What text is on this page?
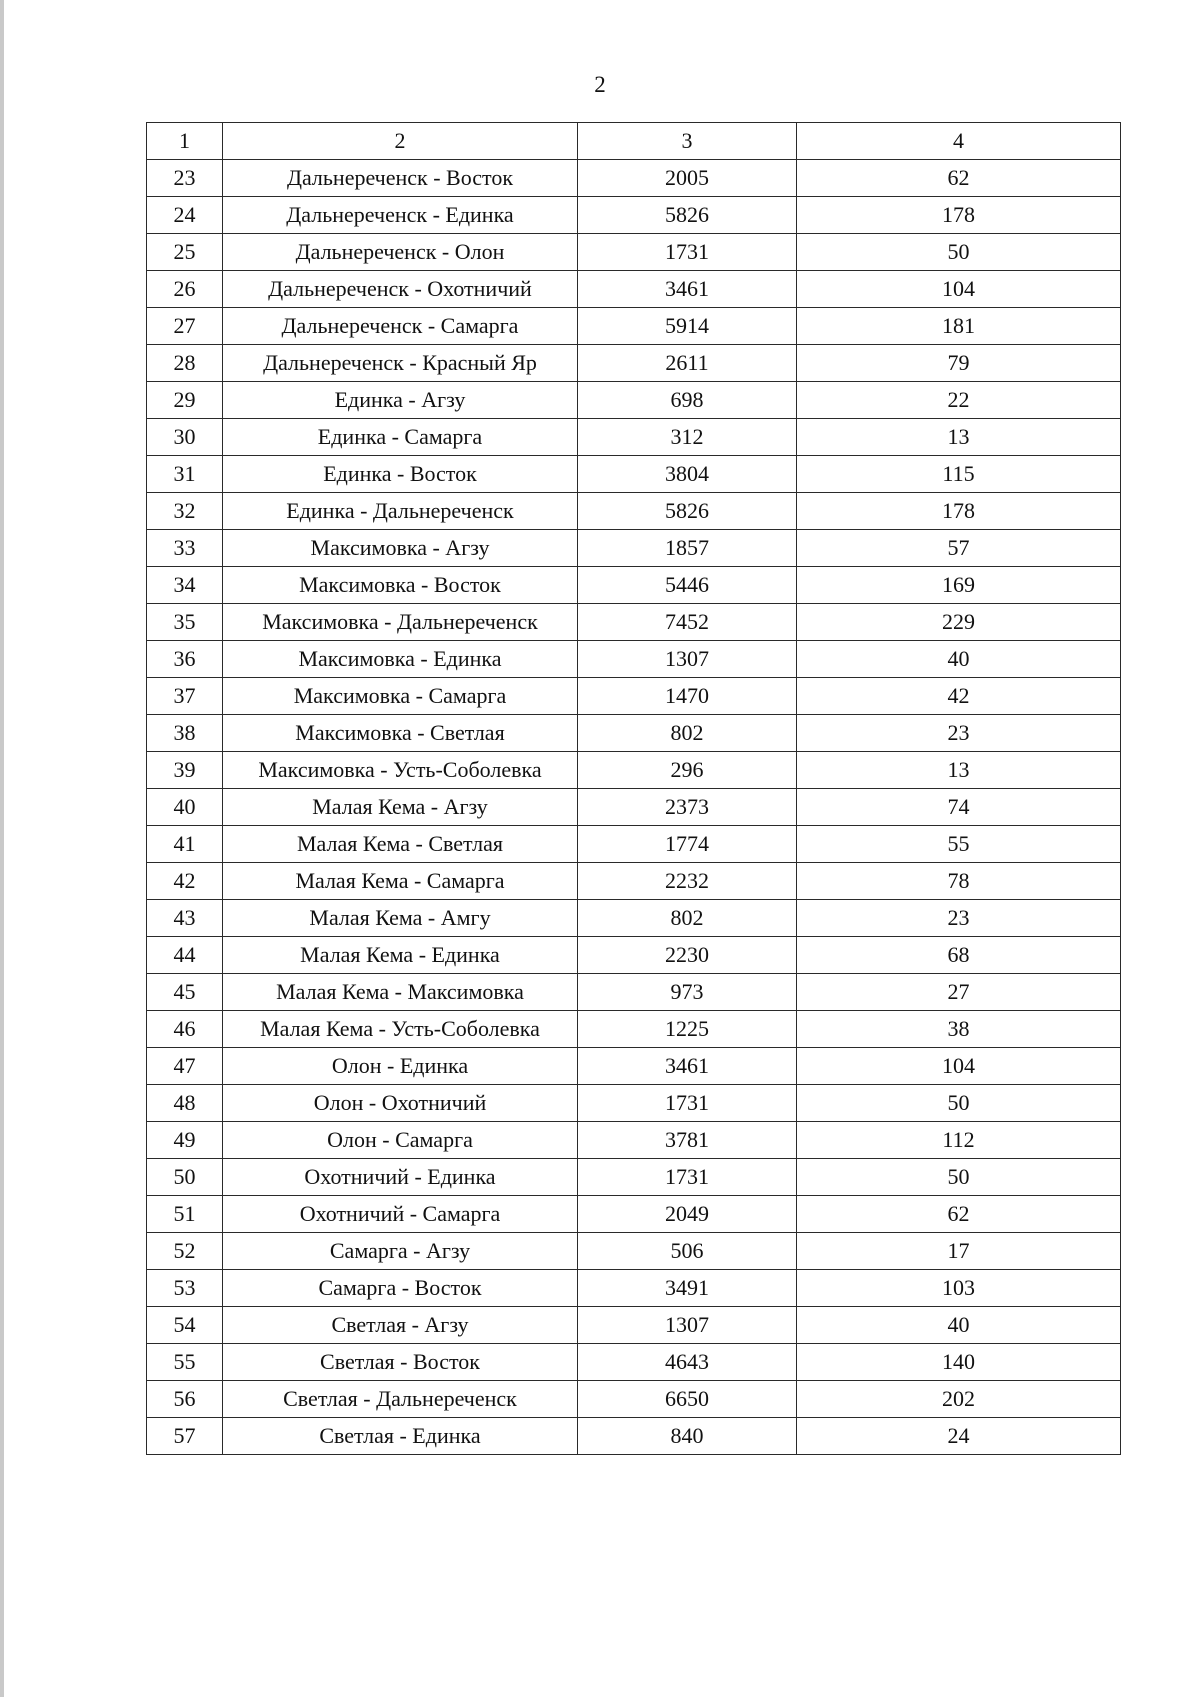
2
1	2	3	4
23	Дальнереченск - Восток	2005	62
24	Дальнереченск - Единка	5826	178
25	Дальнереченск - Олон	1731	50
26	Дальнереченск - Охотничий	3461	104
27	Дальнереченск - Самарга	5914	181
28	Дальнереченск - Красный Яр	2611	79
29	Единка - Агзу	698	22
30	Единка - Самарга	312	13
31	Единка - Восток	3804	115
32	Единка - Дальнереченск	5826	178
33	Максимовка - Агзу	1857	57
34	Максимовка - Восток	5446	169
35	Максимовка - Дальнереченск	7452	229
36	Максимовка - Единка	1307	40
37	Максимовка - Самарга	1470	42
38	Максимовка - Светлая	802	23
39	Максимовка - Усть-Соболевка	296	13
40	Малая Кема - Агзу	2373	74
41	Малая Кема - Светлая	1774	55
42	Малая Кема - Самарга	2232	78
43	Малая Кема - Амгу	802	23
44	Малая Кема - Единка	2230	68
45	Малая Кема - Максимовка	973	27
46	Малая Кема - Усть-Соболевка	1225	38
47	Олон - Единка	3461	104
48	Олон - Охотничий	1731	50
49	Олон - Самарга	3781	112
50	Охотничий - Единка	1731	50
51	Охотничий - Самарга	2049	62
52	Самарга - Агзу	506	17
53	Самарга - Восток	3491	103
54	Светлая - Агзу	1307	40
55	Светлая - Восток	4643	140
56	Светлая - Дальнереченск	6650	202
57	Светлая - Единка	840	24
